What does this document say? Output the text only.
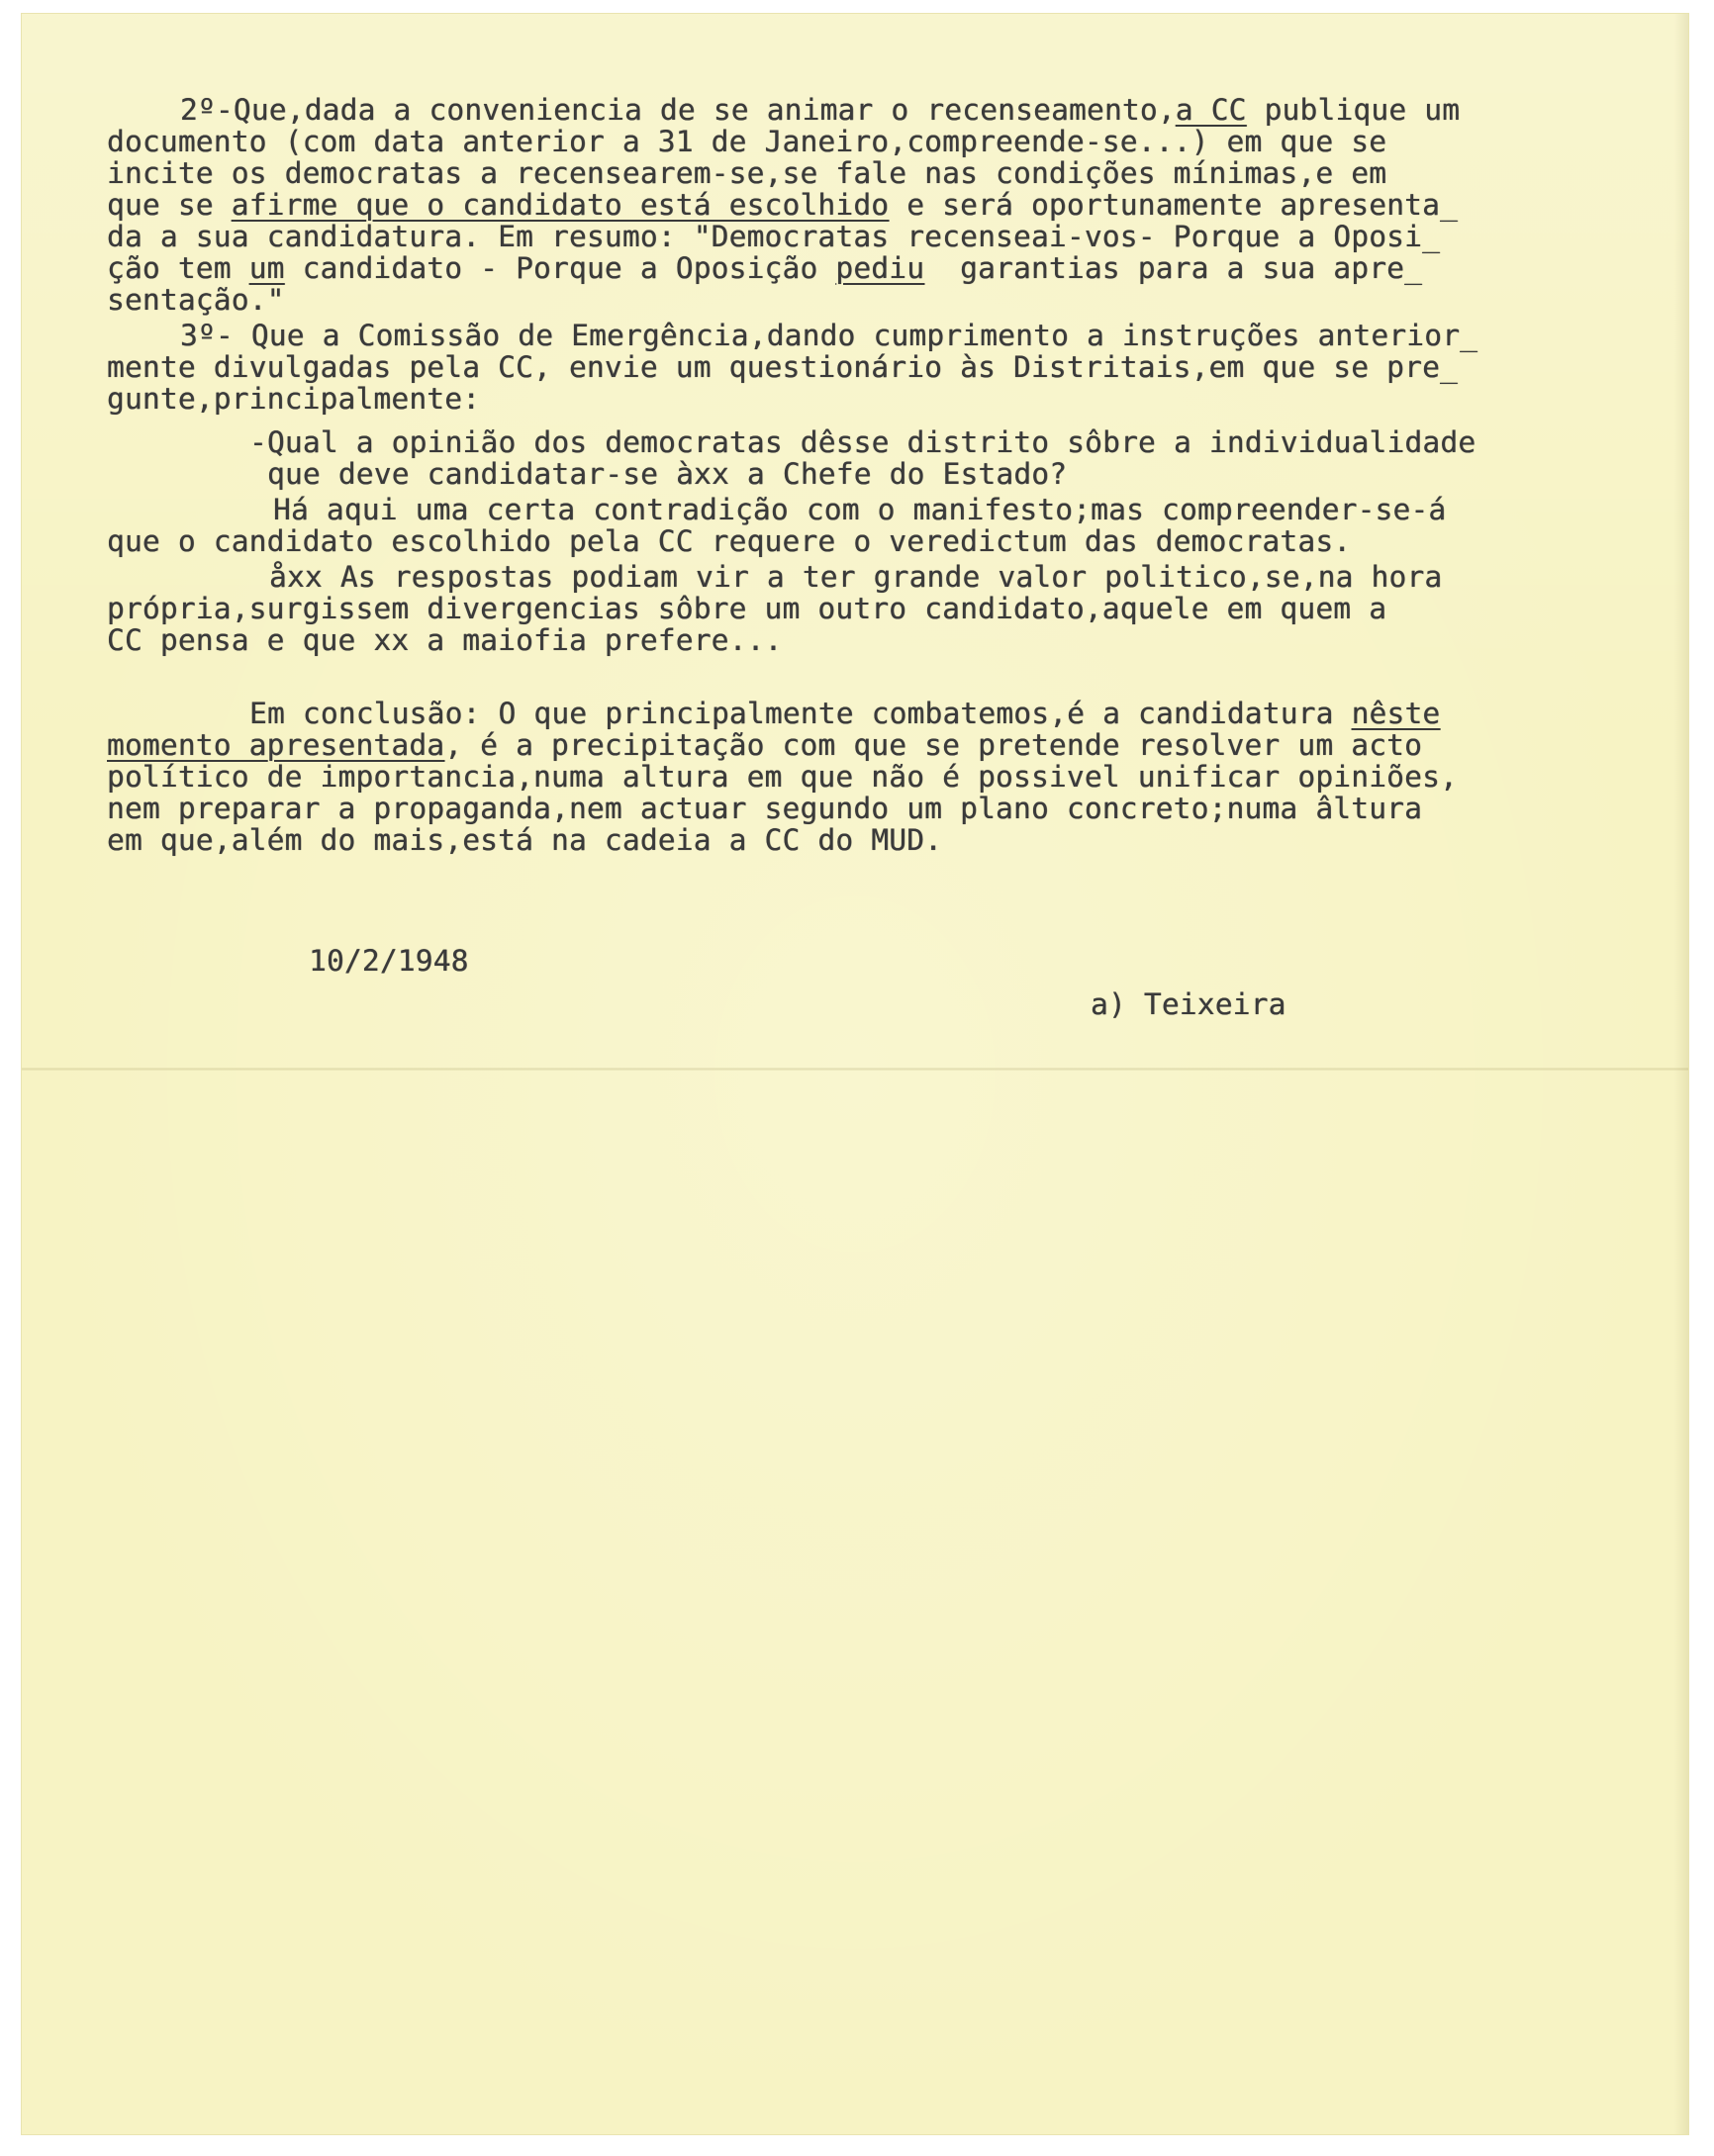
2º-Que,dada a conveniencia de se animar o recenseamento,a CC publique um

documento (com data anterior a 31 de Janeiro,compreende-se...) em que se

incite os democratas a recensearem-se,se fale nas condições mínimas,e em

que se afirme que o candidato está escolhido e será oportunamente apresenta_

da a sua candidatura. Em resumo: "Democratas recenseai-vos- Porque a Oposi_

ção tem um candidato - Porque a Oposição pediu  garantias para a sua apre_

sentação."

3º- Que a Comissão de Emergência,dando cumprimento a instruções anterior_

mente divulgadas pela CC, envie um questionário às Distritais,em que se pre_

gunte,principalmente:

-Qual a opinião dos democratas dêsse distrito sôbre a individualidade

que deve candidatar-se àxx a Chefe do Estado?

Há aqui uma certa contradição com o manifesto;mas compreender-se-á

que o candidato escolhido pela CC requere o veredictum das democratas.

åxx As respostas podiam vir a ter grande valor politico,se,na hora

própria,surgissem divergencias sôbre um outro candidato,aquele em quem a

CC pensa e que xx a maiofia prefere...

Em conclusão: O que principalmente combatemos,é a candidatura nêste

momento apresentada, é a precipitação com que se pretende resolver um acto

político de importancia,numa altura em que não é possivel unificar opiniões,

nem preparar a propaganda,nem actuar segundo um plano concreto;numa âltura

em que,além do mais,está na cadeia a CC do MUD.

10/2/1948

a) Teixeira
